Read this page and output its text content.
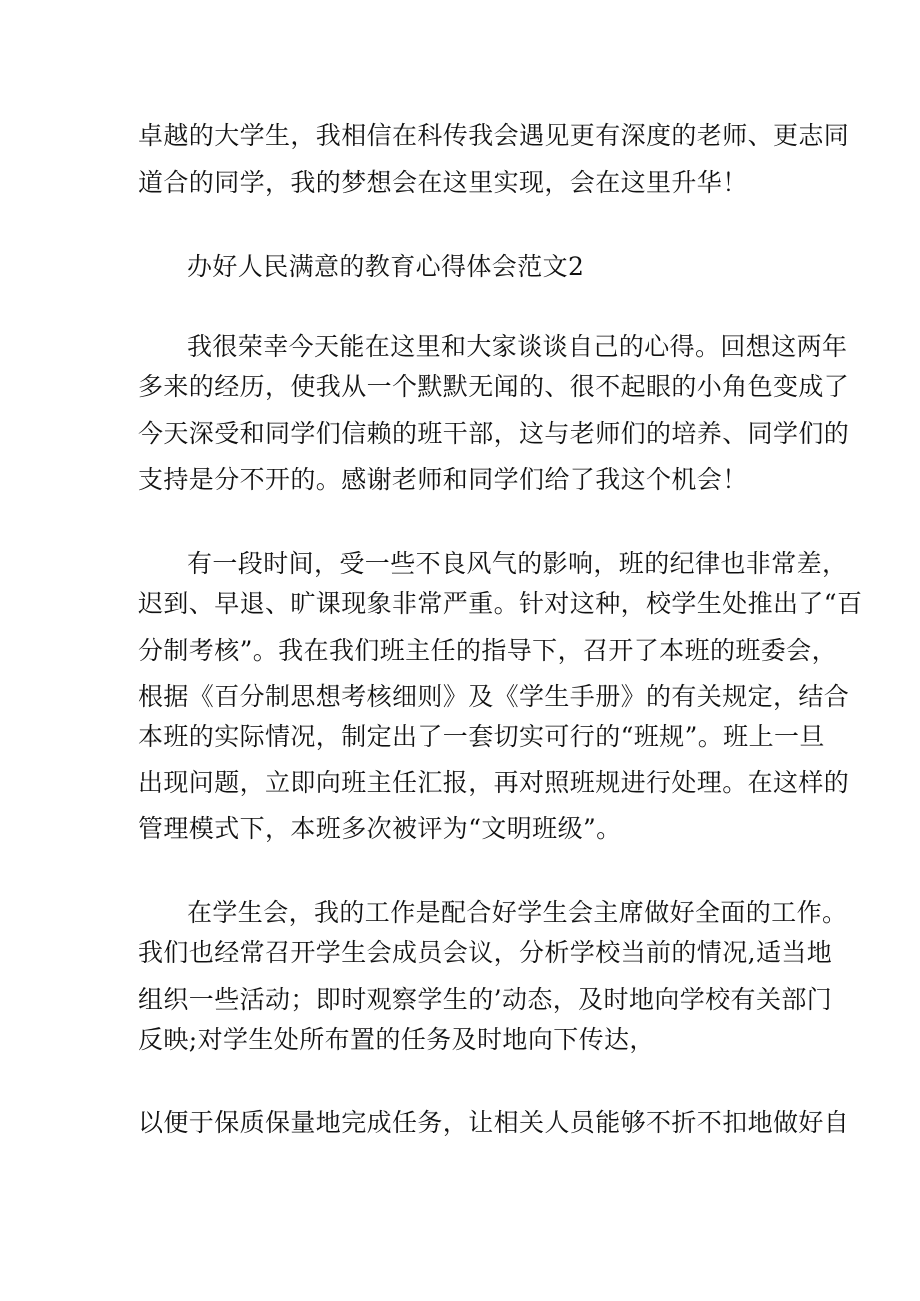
卓越的大学生，我相信在科传我会遇见更有深度的老师、更志同
道合的同学，我的梦想会在这里实现，会在这里升华！
办好人民满意的教育心得体会范文2
我很荣幸今天能在这里和大家谈谈自己的心得。回想这两年
多来的经历，使我从一个默默无闻的、很不起眼的小角色变成了
今天深受和同学们信赖的班干部，这与老师们的培养、同学们的
支持是分不开的。感谢老师和同学们给了我这个机会！
有一段时间，受一些不良风气的影响，班的纪律也非常差，
迟到、早退、旷课现象非常严重。针对这种，校学生处推出了“百
分制考核”。我在我们班主任的指导下，召开了本班的班委会，
根据《百分制思想考核细则》及《学生手册》的有关规定，结合
本班的实际情况，制定出了一套切实可行的“班规”。班上一旦
出现问题，立即向班主任汇报，再对照班规进行处理。在这样的
管理模式下，本班多次被评为“文明班级”。
在学生会，我的工作是配合好学生会主席做好全面的工作。
我们也经常召开学生会成员会议，分析学校当前的情况,适当地
组织一些活动；即时观察学生的’动态，及时地向学校有关部门
反映;对学生处所布置的任务及时地向下传达，
以便于保质保量地完成任务，让相关人员能够不折不扣地做好自
